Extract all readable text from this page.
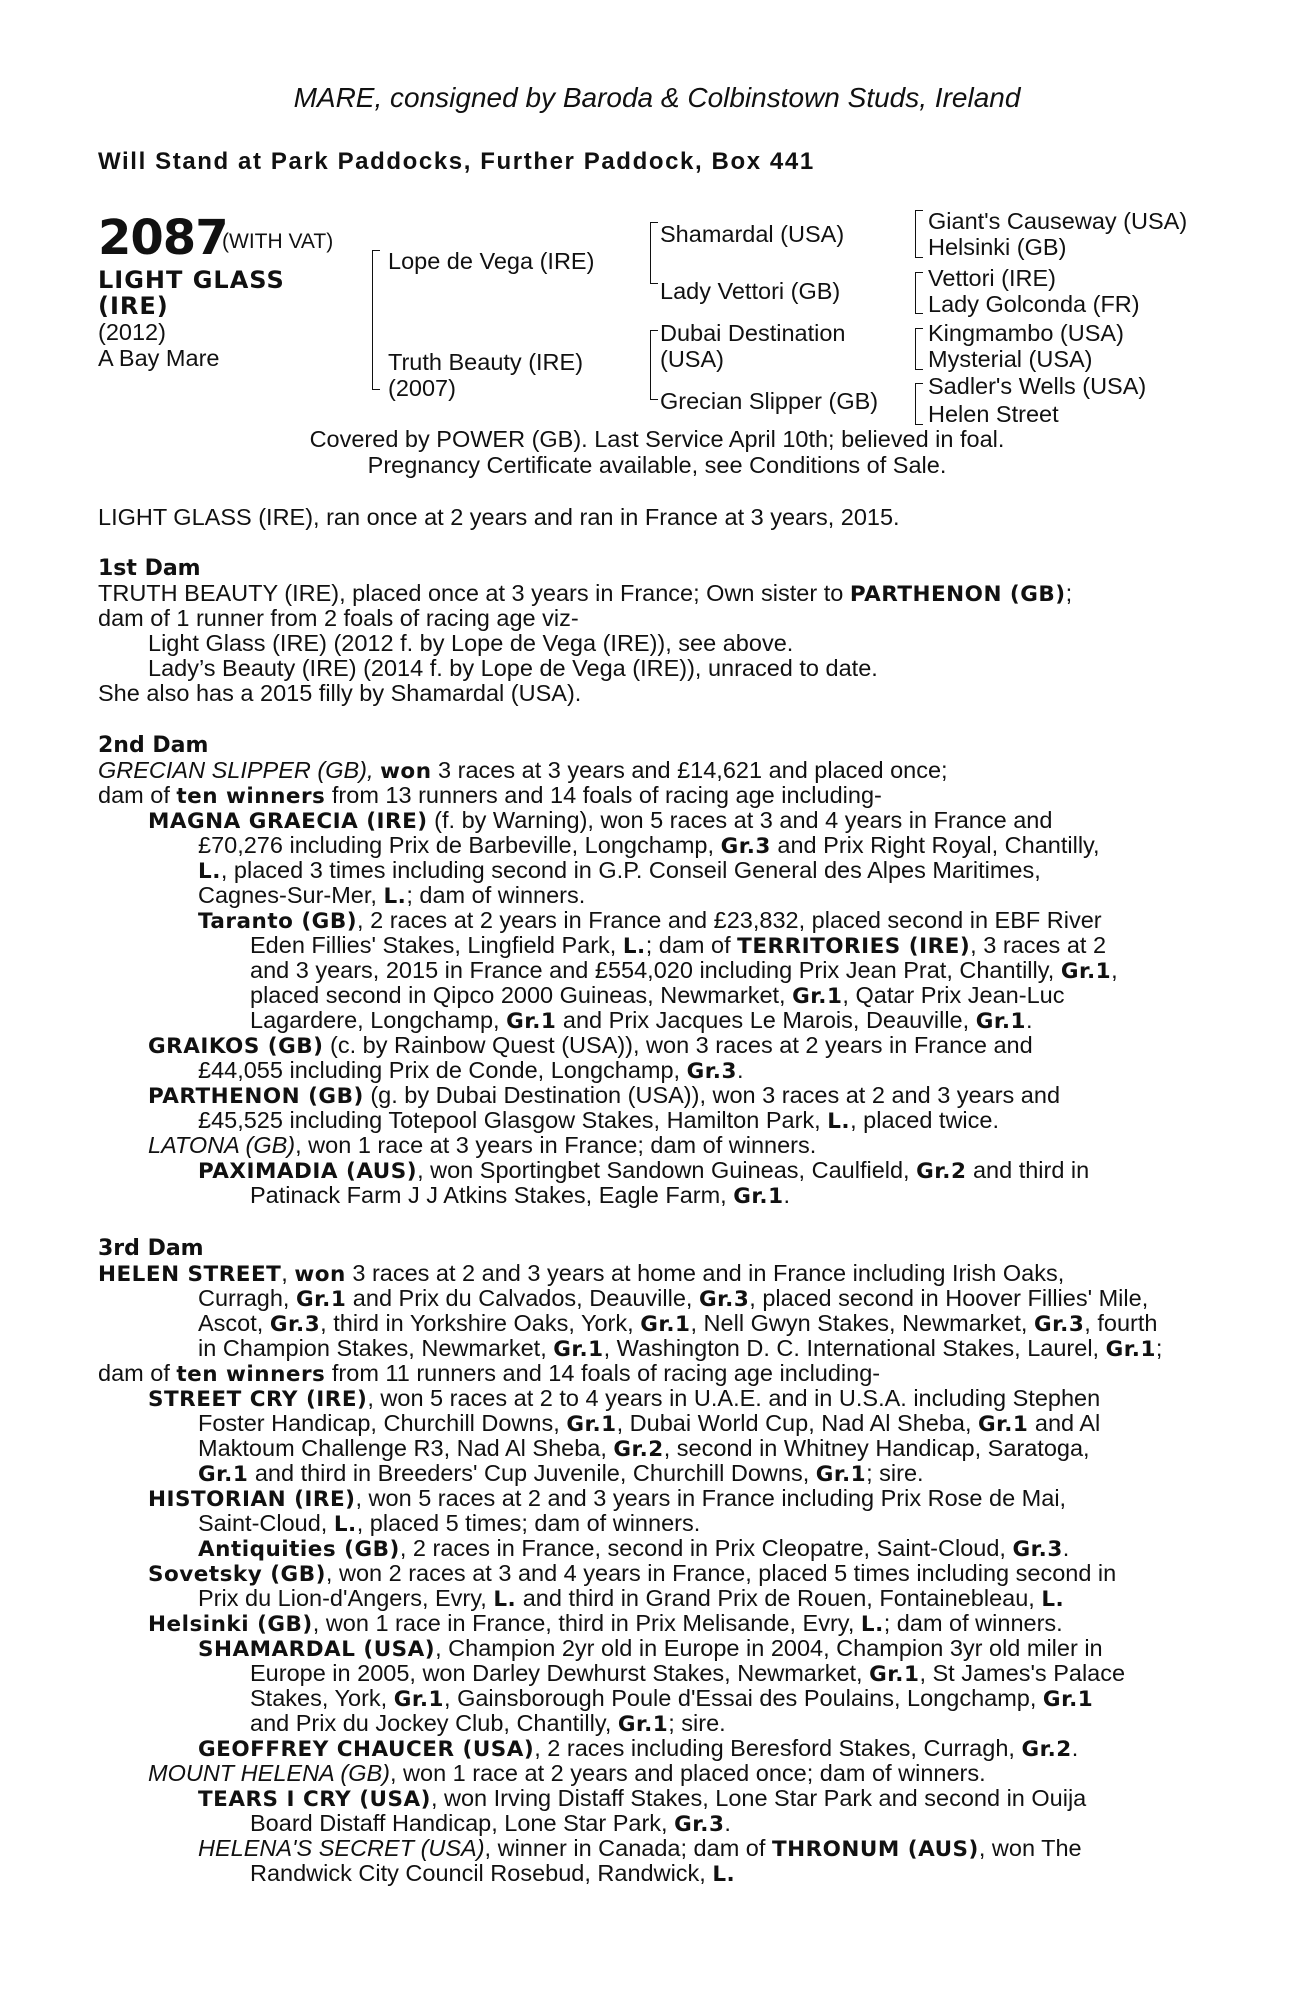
MARE, consigned by Baroda & Colbinstown Studs, Ireland
Will Stand at Park Paddocks, Further Paddock, Box 441
2087
(WITH VAT)
LIGHT GLASS
(IRE)
(2012)
A Bay Mare
Lope de Vega (IRE)
Truth Beauty (IRE)
(2007)
Shamardal (USA)
Lady Vettori (GB)
Dubai Destination
(USA)
Grecian Slipper (GB)
Giant's Causeway (USA)
Helsinki (GB)
Vettori (IRE)
Lady Golconda (FR)
Kingmambo (USA)
Mysterial (USA)
Sadler's Wells (USA)
Helen Street
Covered by POWER (GB). Last Service April 10th; believed in foal.
Pregnancy Certificate available, see Conditions of Sale.
LIGHT GLASS (IRE), ran once at 2 years and ran in France at 3 years, 2015.
1st Dam
TRUTH BEAUTY (IRE), placed once at 3 years in France; Own sister to PARTHENON (GB);
dam of 1 runner from 2 foals of racing age viz-
Light Glass (IRE) (2012 f. by Lope de Vega (IRE)), see above.
Lady’s Beauty (IRE) (2014 f. by Lope de Vega (IRE)), unraced to date.
She also has a 2015 filly by Shamardal (USA).
2nd Dam
GRECIAN SLIPPER (GB), won 3 races at 3 years and £14,621 and placed once;
dam of ten winners from 13 runners and 14 foals of racing age including-
MAGNA GRAECIA (IRE) (f. by Warning), won 5 races at 3 and 4 years in France and
£70,276 including Prix de Barbeville, Longchamp, Gr.3 and Prix Right Royal, Chantilly,
L., placed 3 times including second in G.P. Conseil General des Alpes Maritimes,
Cagnes-Sur-Mer, L.; dam of winners.
Taranto (GB), 2 races at 2 years in France and £23,832, placed second in EBF River
Eden Fillies' Stakes, Lingfield Park, L.; dam of TERRITORIES (IRE), 3 races at 2
and 3 years, 2015 in France and £554,020 including Prix Jean Prat, Chantilly, Gr.1,
placed second in Qipco 2000 Guineas, Newmarket, Gr.1, Qatar Prix Jean-Luc
Lagardere, Longchamp, Gr.1 and Prix Jacques Le Marois, Deauville, Gr.1.
GRAIKOS (GB) (c. by Rainbow Quest (USA)), won 3 races at 2 years in France and
£44,055 including Prix de Conde, Longchamp, Gr.3.
PARTHENON (GB) (g. by Dubai Destination (USA)), won 3 races at 2 and 3 years and
£45,525 including Totepool Glasgow Stakes, Hamilton Park, L., placed twice.
LATONA (GB), won 1 race at 3 years in France; dam of winners.
PAXIMADIA (AUS), won Sportingbet Sandown Guineas, Caulfield, Gr.2 and third in
Patinack Farm J J Atkins Stakes, Eagle Farm, Gr.1.
3rd Dam
HELEN STREET, won 3 races at 2 and 3 years at home and in France including Irish Oaks,
Curragh, Gr.1 and Prix du Calvados, Deauville, Gr.3, placed second in Hoover Fillies' Mile,
Ascot, Gr.3, third in Yorkshire Oaks, York, Gr.1, Nell Gwyn Stakes, Newmarket, Gr.3, fourth
in Champion Stakes, Newmarket, Gr.1, Washington D. C. International Stakes, Laurel, Gr.1;
dam of ten winners from 11 runners and 14 foals of racing age including-
STREET CRY (IRE), won 5 races at 2 to 4 years in U.A.E. and in U.S.A. including Stephen
Foster Handicap, Churchill Downs, Gr.1, Dubai World Cup, Nad Al Sheba, Gr.1 and Al
Maktoum Challenge R3, Nad Al Sheba, Gr.2, second in Whitney Handicap, Saratoga,
Gr.1 and third in Breeders' Cup Juvenile, Churchill Downs, Gr.1; sire.
HISTORIAN (IRE), won 5 races at 2 and 3 years in France including Prix Rose de Mai,
Saint-Cloud, L., placed 5 times; dam of winners.
Antiquities (GB), 2 races in France, second in Prix Cleopatre, Saint-Cloud, Gr.3.
Sovetsky (GB), won 2 races at 3 and 4 years in France, placed 5 times including second in
Prix du Lion-d'Angers, Evry, L. and third in Grand Prix de Rouen, Fontainebleau, L.
Helsinki (GB), won 1 race in France, third in Prix Melisande, Evry, L.; dam of winners.
SHAMARDAL (USA), Champion 2yr old in Europe in 2004, Champion 3yr old miler in
Europe in 2005, won Darley Dewhurst Stakes, Newmarket, Gr.1, St James's Palace
Stakes, York, Gr.1, Gainsborough Poule d'Essai des Poulains, Longchamp, Gr.1
and Prix du Jockey Club, Chantilly, Gr.1; sire.
GEOFFREY CHAUCER (USA), 2 races including Beresford Stakes, Curragh, Gr.2.
MOUNT HELENA (GB), won 1 race at 2 years and placed once; dam of winners.
TEARS I CRY (USA), won Irving Distaff Stakes, Lone Star Park and second in Ouija
Board Distaff Handicap, Lone Star Park, Gr.3.
HELENA'S SECRET (USA), winner in Canada; dam of THRONUM (AUS), won The
Randwick City Council Rosebud, Randwick, L.
